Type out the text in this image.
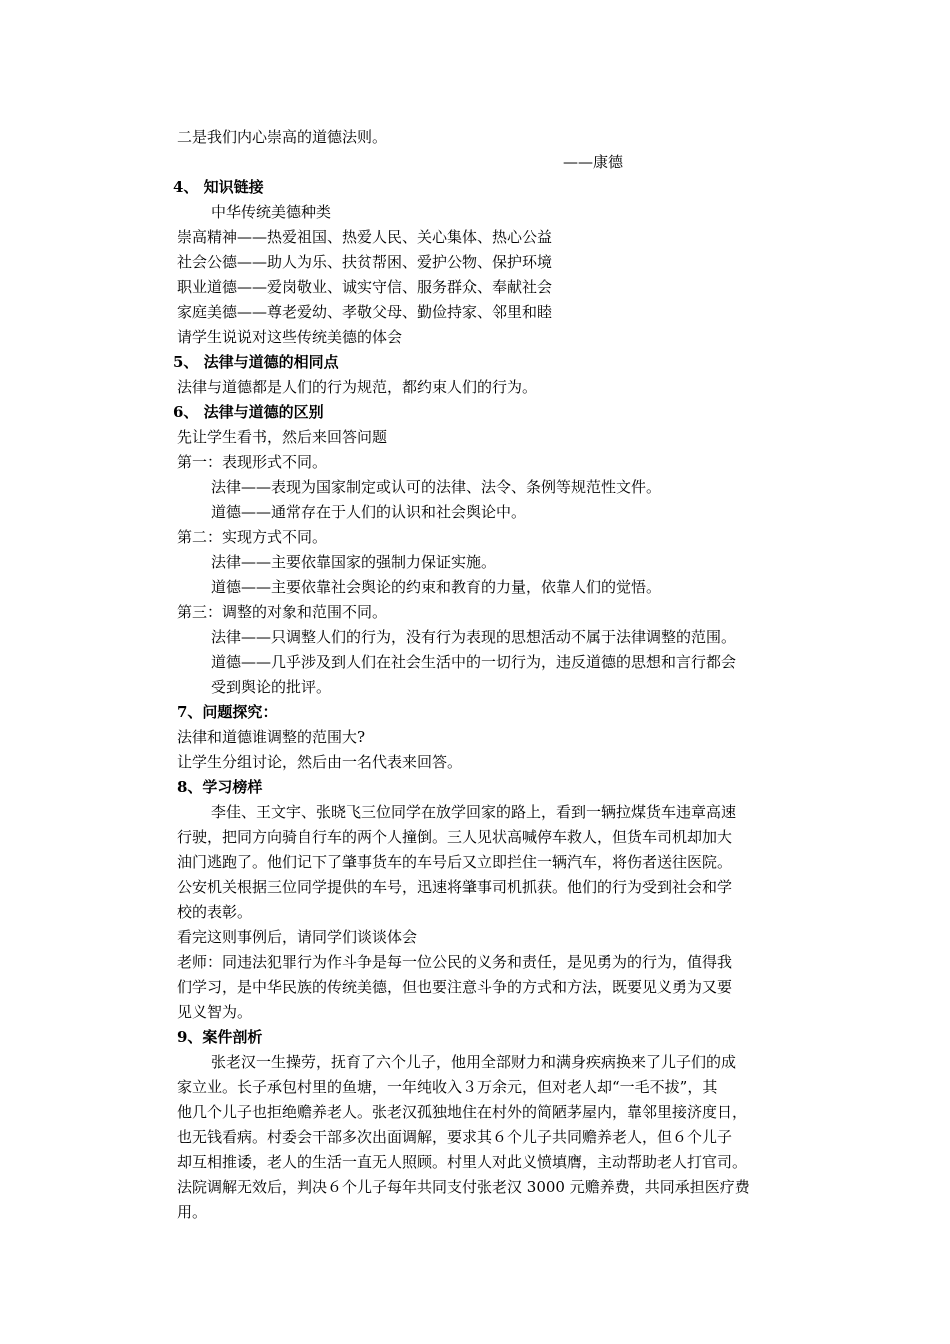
二是我们内心崇高的道德法则。
——康德
4、 知识链接
中华传统美德种类
崇高精神——热爱祖国、热爱人民、关心集体、热心公益
社会公德——助人为乐、扶贫帮困、爱护公物、保护环境
职业道德——爱岗敬业、诚实守信、服务群众、奉献社会
家庭美德——尊老爱幼、孝敬父母、勤俭持家、邻里和睦
请学生说说对这些传统美德的体会
5、 法律与道德的相同点
法律与道德都是人们的行为规范，都约束人们的行为。
6、 法律与道德的区别
先让学生看书，然后来回答问题
第一：表现形式不同。
法律——表现为国家制定或认可的法律、法令、条例等规范性文件。
道德——通常存在于人们的认识和社会舆论中。
第二：实现方式不同。
法律——主要依靠国家的强制力保证实施。
道德——主要依靠社会舆论的约束和教育的力量，依靠人们的觉悟。
第三：调整的对象和范围不同。
法律——只调整人们的行为，没有行为表现的思想活动不属于法律调整的范围。
道德——几乎涉及到人们在社会生活中的一切行为，违反道德的思想和言行都会
受到舆论的批评。
7、问题探究：
法律和道德谁调整的范围大?
让学生分组讨论，然后由一名代表来回答。
8、学习榜样
李佳、王文宇、张晓飞三位同学在放学回家的路上，看到一辆拉煤货车违章高速
行驶，把同方向骑自行车的两个人撞倒。三人见状高喊停车救人，但货车司机却加大
油门逃跑了。他们记下了肇事货车的车号后又立即拦住一辆汽车，将伤者送往医院。
公安机关根据三位同学提供的车号，迅速将肇事司机抓获。他们的行为受到社会和学
校的表彰。
看完这则事例后，请同学们谈谈体会
老师：同违法犯罪行为作斗争是每一位公民的义务和责任，是见勇为的行为，值得我
们学习，是中华民族的传统美德，但也要注意斗争的方式和方法，既要见义勇为又要
见义智为。
9、案件剖析
张老汉一生操劳，抚育了六个儿子，他用全部财力和满身疾病换来了儿子们的成
家立业。长子承包村里的鱼塘，一年纯收入３万余元，但对老人却“一毛不拔”，其
他几个儿子也拒绝赡养老人。张老汉孤独地住在村外的简陋茅屋内，靠邻里接济度日，
也无钱看病。村委会干部多次出面调解，要求其６个儿子共同赡养老人，但６个儿子
却互相推诿，老人的生活一直无人照顾。村里人对此义愤填膺，主动帮助老人打官司。
法院调解无效后，判决６个儿子每年共同支付张老汉 3000 元赡养费，共同承担医疗费
用。
